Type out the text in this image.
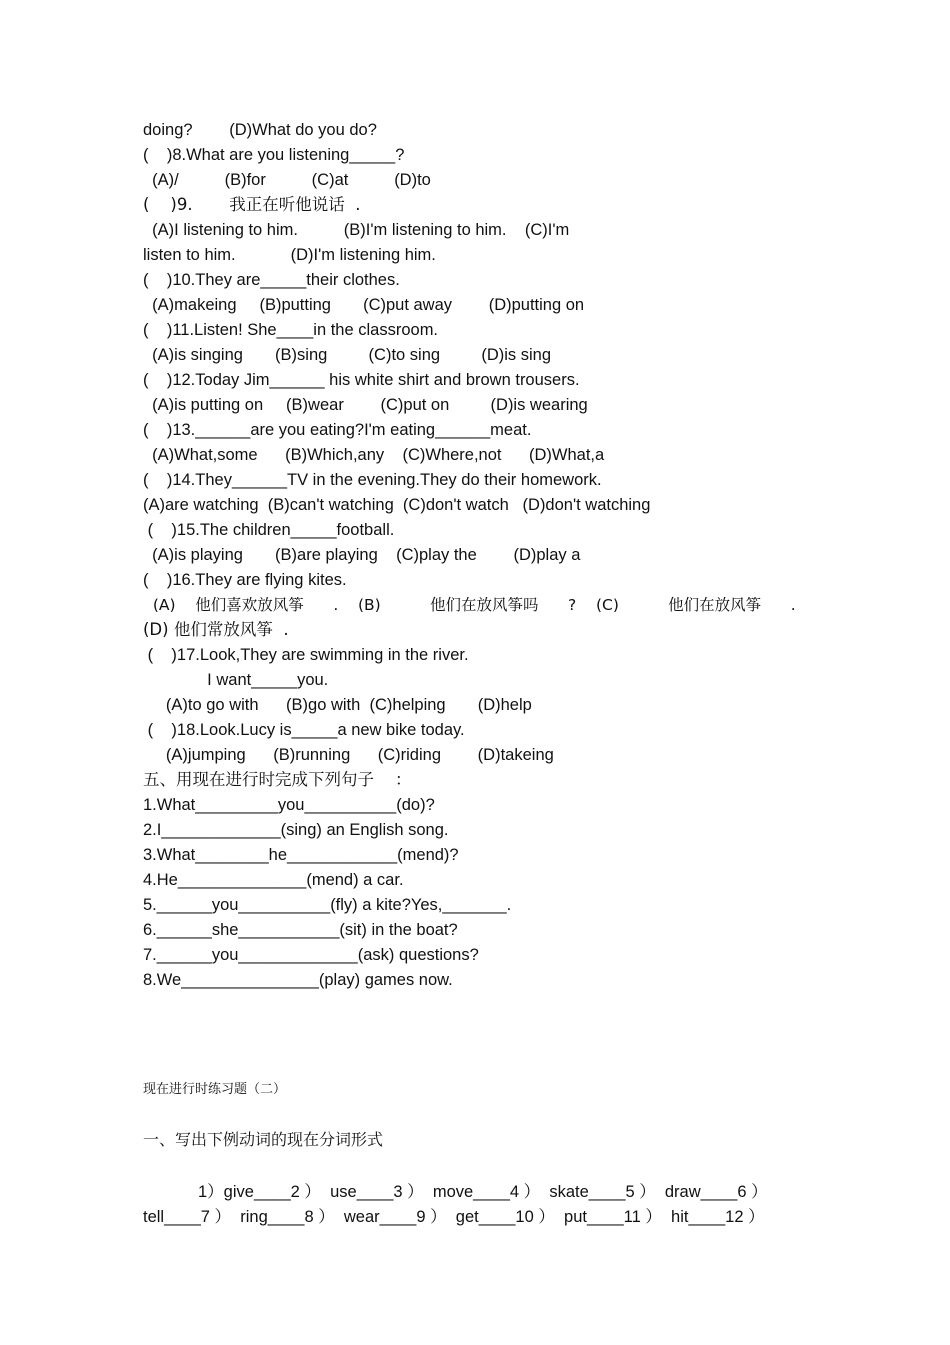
doing?        (D)What do you do?
(    )8.What are you listening_____?
(A)/          (B)for          (C)at          (D)to
(    )9.       我正在听他说话  .
(A)I listening to him.          (B)I'm listening to him.    (C)I'm
listen to him.            (D)I'm listening him.
(    )10.They are_____their clothes.
(A)makeing     (B)putting       (C)put away        (D)putting on
(    )11.Listen! She____in the classroom.
(A)is singing       (B)sing         (C)to sing         (D)is sing
(    )12.Today Jim______ his white shirt and brown trousers.
(A)is putting on     (B)wear        (C)put on         (D)is wearing
(    )13.______are you eating?I'm eating______meat.
(A)What,some      (B)Which,any    (C)Where,not      (D)What,a
(    )14.They______TV in the evening.They do their homework.
(A)are watching  (B)can't watching  (C)don't watch   (D)don't watching
(    )15.The children_____football.
(A)is playing       (B)are playing    (C)play the        (D)play a
(    )16.They are flying kites.
(A)    他们喜欢放风筝      .    (B)          他们在放风筝吗      ?    (C)          他们在放风筝      .
(D) 他们常放风筝  .
(    )17.Look,They are swimming in the river.
I want_____you.
(A)to go with      (B)go with  (C)helping       (D)help
(    )18.Look.Lucy is_____a new bike today.
(A)jumping      (B)running      (C)riding        (D)takeing
五、用现在进行时完成下列句子    ：
1.What_________you__________(do)?
2.I_____________(sing) an English song.
3.What________he____________(mend)?
4.He______________(mend) a car.
5.______you__________(fly) a kite?Yes,_______.
6.______she___________(sit) in the boat?
7.______you_____________(ask) questions?
8.We_______________(play) games now.
现在进行时练习题（二）
一、写出下例动词的现在分词形式
1）give____2 ）  use____3 ）  move____4 ）  skate____5 ）  draw____6 ）
tell____7 ）  ring____8 ）  wear____9 ）  get____10 ）  put____11 ）  hit____12 ）
